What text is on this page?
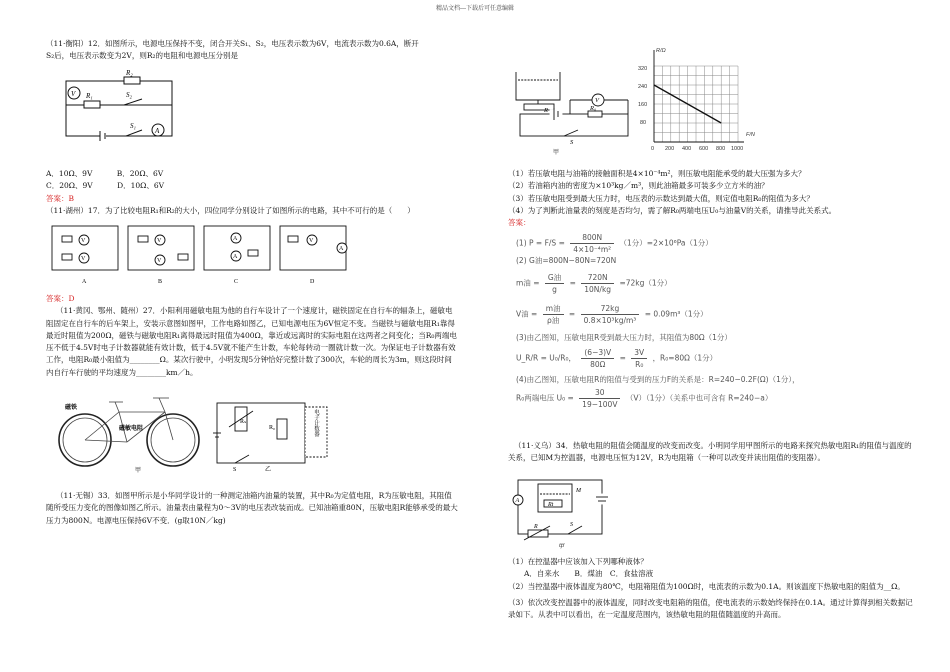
精品文档---下载后可任意编辑

（11·衡阳）12．如图所示，电源电压保持不变，闭合开关S₁、S₂，电压表示数为6V，电流表示数为0.6A，断开

S₂后，电压表示数变为2V，则R₂的电阻和电源电压分别是

V
R₂
R₁	S₂
S₁
A

A．10Ω、9V	B．20Ω、6V

C．20Ω、9V	D．10Ω、6V

答案：B

（11·湖州）17．为了比较电阻R₁和R₂的大小，四位同学分别设计了如图所示的电路，其中不可行的是（　　）

V
V
V
V
A
A
V
A
A	B	C	D

答案：D

（11·黄冈、鄂州、随州）27．小阳利用磁敏电阻为他的自行车设计了一个速度计，磁铁固定在自行车的辐条上，磁敏电阻固定在自行车的后车架上，安装示意图如图甲，工作电路如图乙，已知电源电压为6V恒定不变。当磁铁与磁敏电阻R₁靠得最近时阻值为200Ω，磁铁与磁敏电阻R₁离得最远时阻值为400Ω，靠近或远离时的实际电阻在这两者之间变化；当R₀两端电压不低于4.5V时电子计数器就能有效计数，低于4.5V就不能产生计数，车轮每转动一圈就计数一次。为保证电子计数器有效工作，电阻R₀最小阻值为________Ω。某次行驶中，小明发现5分钟恰好完整计数了300次，车轮的周长为3m，则这段时间内自行车行驶的平均速度为________km／h。

磁铁
磁敏电阻
甲
Rₛ
R₀
S	乙
电子计数器

（11·无锡）33．如图甲所示是小华同学设计的一种测定油箱内油量的装置，其中R₀为定值电阻，R为压敏电阻，其阻值随所受压力变化的图像如图乙所示。油量表由量程为0～3V的电压表改装而成。已知油箱重80N，压敏电阻R能够承受的最大压力为800N。电源电压保持6V不变．(g取10N／kg)

V
R	R₀
S
甲
R/Ω
F/N
320
240
160
80
0 200 400 600 800 1000

（1）若压敏电阻与油箱的接触面积是4×10⁻⁴m²，则压敏电阻能承受的最大压强为多大？

（2）若油箱内油的密度为×10³kg／m³，则此油箱最多可装多少立方米的油？

（3）若压敏电阻受到最大压力时，电压表的示数达到最大值，则定值电阻R₀的阻值为多大？

（4）为了判断此油量表的刻度是否均匀，需了解R₀两端电压U₀与油量V的关系，请推导此关系式。

答案：

(1) $P = F/S = \frac{800N}{\text{4×10⁻⁴m²}} (1$分）=2×10⁶Pa（1分）

(2) G油=800N−80N=720N

m油 = $\frac{\text{G油}}{g} = \frac{720N}{10N/kg} =72kg(1$分）

V油 = $\frac{\text{m油}}{\text{ρ油}} = \frac{72kg}{\text{0.8×10³kg/m³}} = 0.09m^3(1$分）

(3)由乙图知，压敏电阻R受到最大压力时，其阻值为80Ω（1分）

U_R/R = U₀/R₀， $\frac{(6-3)V}{80\Omega} = \frac{3V}{\text{R₀}}$ ，R₀=80Ω（1分）

(4)由乙图知，压敏电阻R的阻值与受到的压力F的关系是：R=240−0.2F(Ω)（1分），

R₀两端电压 $U_0 = \frac{30}{19-100V} (V)(1$分）（关系中也可含有 R=240−a）

（11·义乌）34．热敏电阻的阻值会随温度的改变而改变。小明同学用甲图所示的电路来探究热敏电阻R₁的阻值与温度的关系，已知M为控温器，电源电压恒为12V，R为电阻箱（一种可以改变并读出阻值的变阻器）。

A
Rt
M
R	S
甲

（1）在控温器中应该加入下列哪种液体？

A．自来水　　B．煤油　C．食盐溶液

（2）当控温器中液体温度为80℃，电阻箱阻值为100Ω时，电流表的示数为0.1A。则该温度下热敏电阻的阻值为__Ω。

（3）依次改变控温器中的液体温度，同时改变电阻箱的阻值，使电流表的示数始终保持在0.1A。通过计算得到相关数据记录如下。从表中可以看出，在一定温度范围内，该热敏电阻的阻值随温度的升高而。
